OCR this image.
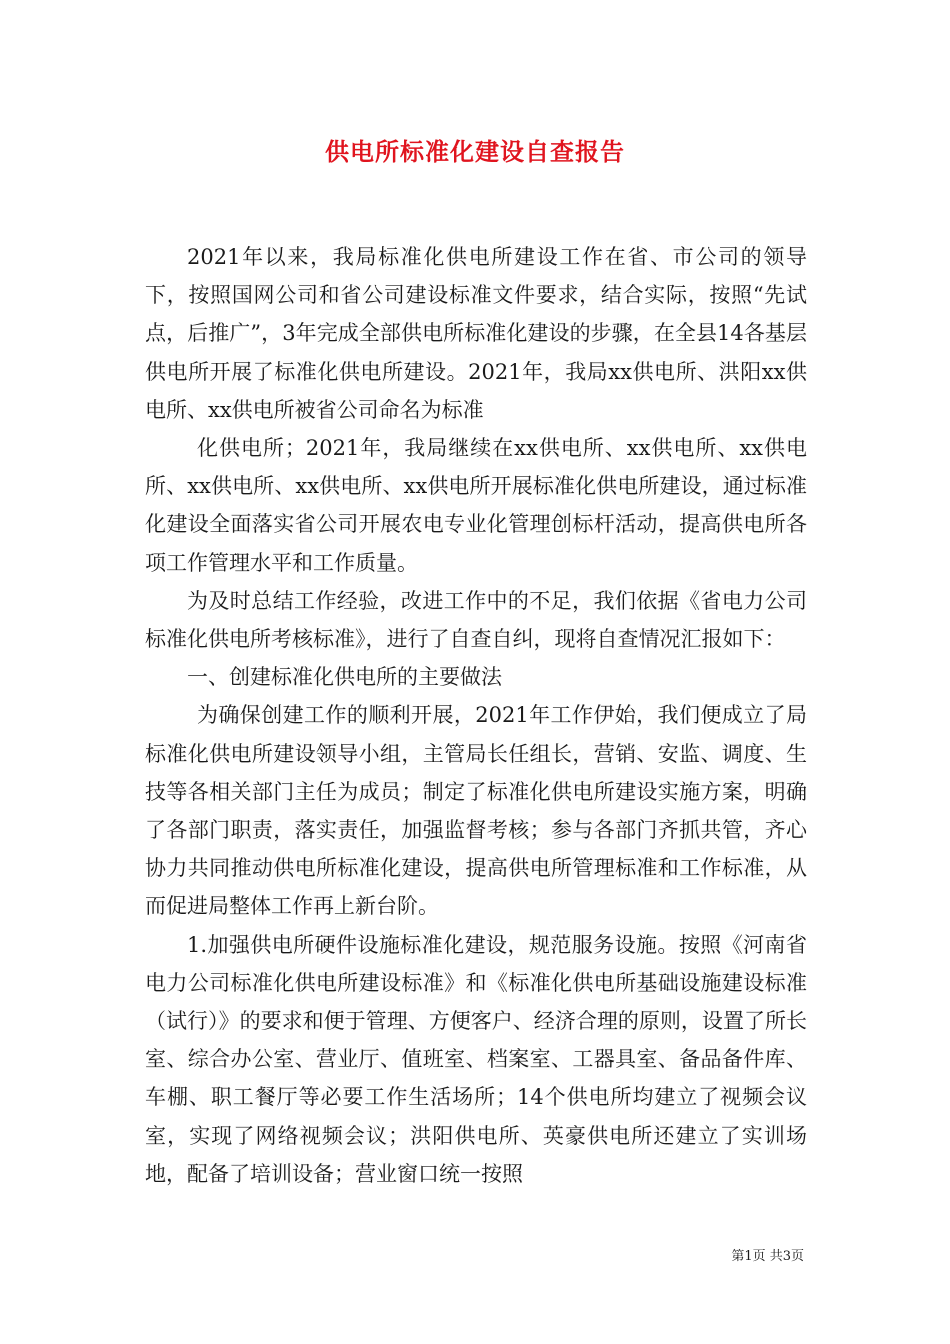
供电所标准化建设自查报告

2021年以来，我局标准化供电所建设工作在省、市公司的领导下，按照国网公司和省公司建设标准文件要求，结合实际，按照“先试点，后推广”，3年完成全部供电所标准化建设的步骤，在全县14各基层供电所开展了标准化供电所建设。2021年，我局xx供电所、洪阳xx供电所、xx供电所被省公司命名为标准

化供电所；2021年，我局继续在xx供电所、xx供电所、xx供电所、xx供电所、xx供电所、xx供电所开展标准化供电所建设，通过标准化建设全面落实省公司开展农电专业化管理创标杆活动，提高供电所各项工作管理水平和工作质量。

为及时总结工作经验，改进工作中的不足，我们依据《省电力公司标准化供电所考核标准》，进行了自查自纠，现将自查情况汇报如下：

一、创建标准化供电所的主要做法

为确保创建工作的顺利开展，2021年工作伊始，我们便成立了局标准化供电所建设领导小组，主管局长任组长，营销、安监、调度、生技等各相关部门主任为成员；制定了标准化供电所建设实施方案，明确了各部门职责，落实责任，加强监督考核；参与各部门齐抓共管，齐心协力共同推动供电所标准化建设，提高供电所管理标准和工作标准，从而促进局整体工作再上新台阶。

1.加强供电所硬件设施标准化建设，规范服务设施。按照《河南省电力公司标准化供电所建设标准》和《标准化供电所基础设施建设标准（试行）》的要求和便于管理、方便客户、经济合理的原则，设置了所长室、综合办公室、营业厅、值班室、档案室、工器具室、备品备件库、车棚、职工餐厅等必要工作生活场所；14个供电所均建立了视频会议室，实现了网络视频会议；洪阳供电所、英豪供电所还建立了实训场地，配备了培训设备；营业窗口统一按照

第1页 共3页
